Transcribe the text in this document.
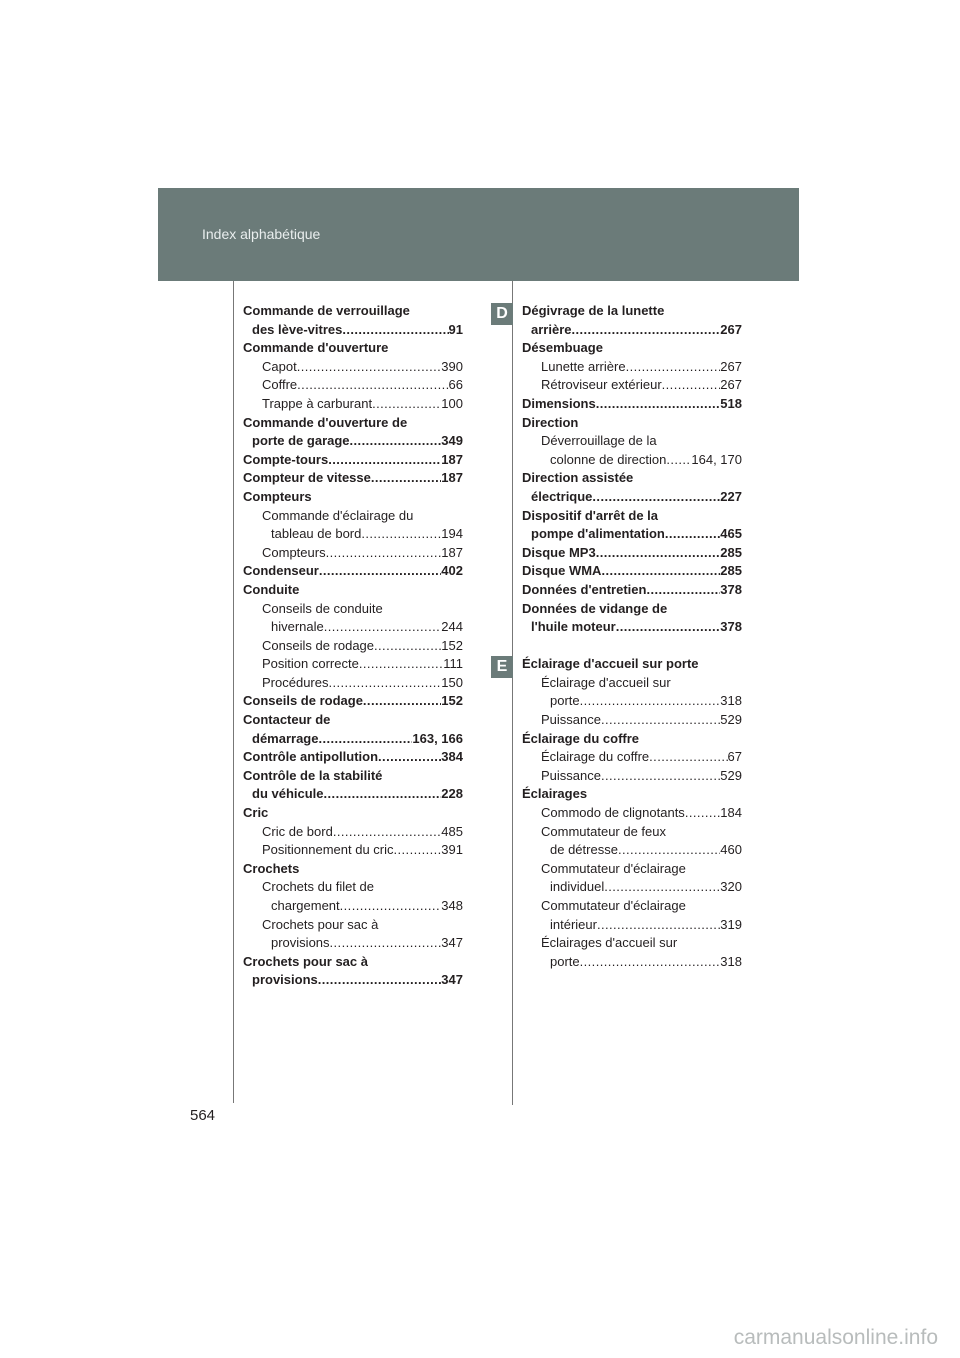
Index alphabétique
D
E
Commande de verrouillage
des lève-vitres .....	91
Commande d'ouverture
Capot .....	390
Coffre .....	66
Trappe à carburant .....	100
Commande d'ouverture de
porte de garage .....	349
Compte-tours .....	187
Compteur de vitesse .....	187
Compteurs
Commande d'éclairage du
tableau de bord .....	194
Compteurs .....	187
Condenseur .....	402
Conduite
Conseils de conduite
hivernale .....	244
Conseils de rodage .....	152
Position correcte .....	111
Procédures .....	150
Conseils de rodage .....	152
Contacteur de
démarrage .....	163, 166
Contrôle antipollution .....	384
Contrôle de la stabilité
du véhicule .....	228
Cric
Cric de bord .....	485
Positionnement du cric .....	391
Crochets
Crochets du filet de
chargement .....	348
Crochets pour sac à
provisions .....	347
Crochets pour sac à
provisions .....	347
Dégivrage de la lunette
arrière .....	267
Désembuage
Lunette arrière .....	267
Rétroviseur extérieur .....	267
Dimensions .....	518
Direction
Déverrouillage de la
colonne de direction ..... 164, 170
Direction assistée
électrique .....	227
Dispositif d'arrêt de la
pompe d'alimentation .....	465
Disque MP3 .....	285
Disque WMA .....	285
Données d'entretien .....	378
Données de vidange de
l'huile moteur .....	378
Éclairage d'accueil sur porte
Éclairage d'accueil sur
porte .....	318
Puissance .....	529
Éclairage du coffre
Éclairage du coffre .....	67
Puissance .....	529
Éclairages
Commodo de clignotants .....	184
Commutateur de feux
de détresse .....	460
Commutateur d'éclairage
individuel .....	320
Commutateur d'éclairage
intérieur .....	319
Éclairages d'accueil sur
porte .....	318
564
carmanualsonline.info
